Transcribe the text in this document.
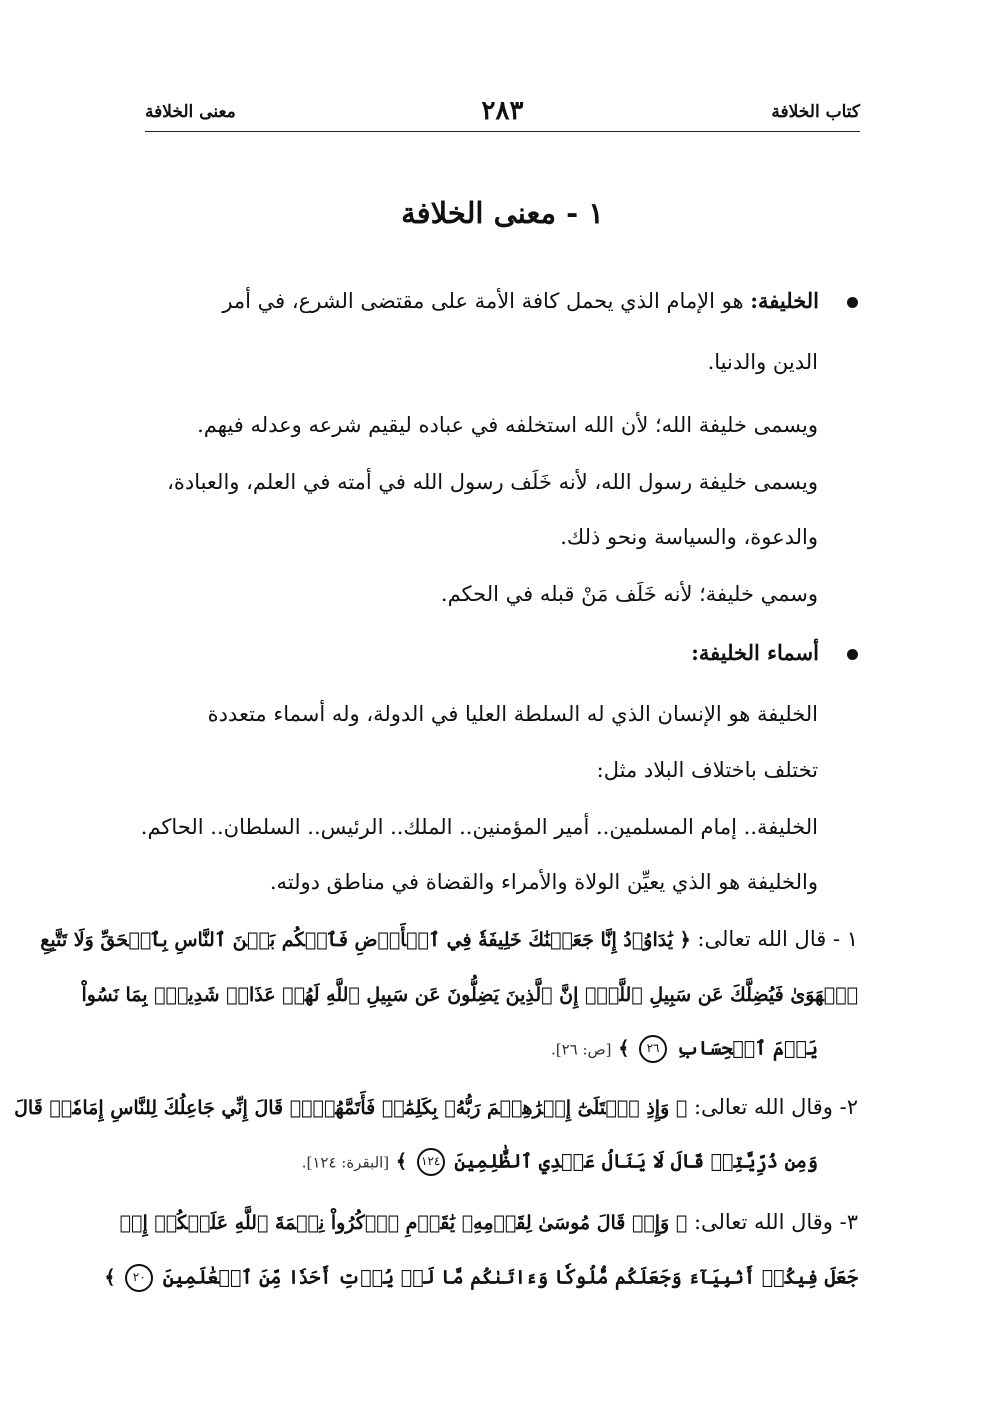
كتاب الخلافة
٢٨٣
معنى الخلافة
١ - معنى الخلافة
الخليفة: هو الإمام الذي يحمل كافة الأمة على مقتضى الشرع، في أمر
الدين والدنيا.
ويسمى خليفة الله؛ لأن الله استخلفه في عباده ليقيم شرعه وعدله فيهم.
ويسمى خليفة رسول الله، لأنه خَلَف رسول الله في أمته في العلم، والعبادة،
والدعوة، والسياسة ونحو ذلك.
وسمي خليفة؛ لأنه خَلَف مَنْ قبله في الحكم.
أسماء الخليفة:
الخليفة هو الإنسان الذي له السلطة العليا في الدولة، وله أسماء متعددة
تختلف باختلاف البلاد مثل:
الخليفة.. إمام المسلمين.. أمير المؤمنين.. الملك.. الرئيس.. السلطان.. الحاكم.
والخليفة هو الذي يعيِّن الولاة والأمراء والقضاة في مناطق دولته.
١ - قال الله تعالى: ﴿ يَٰدَاوُۥدُ إِنَّا جَعَلۡنَٰكَ خَلِيفَةٗ فِي ٱلۡأَرۡضِ فَٱحۡكُم بَيۡنَ ٱلنَّاسِ بِٱلۡحَقِّ وَلَا تَتَّبِعِ
ٱلۡهَوَىٰ فَيُضِلَّكَ عَن سَبِيلِ ٱللَّهِۚ إِنَّ ٱلَّذِينَ يَضِلُّونَ عَن سَبِيلِ ٱللَّهِ لَهُمۡ عَذَابٞ شَدِيدُۢ بِمَا نَسُواْ
يَوۡمَ ٱلۡحِسَابِ ٢٦ ﴾ [ص: ٢٦].
٢- وقال الله تعالى: ﴿ وَإِذِ ٱبۡتَلَىٰٓ إِبۡرَٰهِـۧمَ رَبُّهُۥ بِكَلِمَٰتٖ فَأَتَمَّهُنَّۖ قَالَ إِنِّي جَاعِلُكَ لِلنَّاسِ إِمَامٗاۖ قَالَ
وَمِن ذُرِّيَّتِيۖ قَالَ لَا يَنَالُ عَهۡدِي ٱلظَّٰلِمِينَ ١٢٤ ﴾ [البقرة: ١٢٤].
٣- وقال الله تعالى: ﴿ وَإِذۡ قَالَ مُوسَىٰ لِقَوۡمِهِۦ يَٰقَوۡمِ ٱذۡكُرُواْ نِعۡمَةَ ٱللَّهِ عَلَيۡكُمۡ إِذۡ
جَعَلَ فِيكُمۡ أَنۢبِيَآءَ وَجَعَلَكُم مُّلُوكٗا وَءَاتَىٰكُم مَّا لَمۡ يُؤۡتِ أَحَدٗا مِّنَ ٱلۡعَٰلَمِينَ ٢٠ ﴾
